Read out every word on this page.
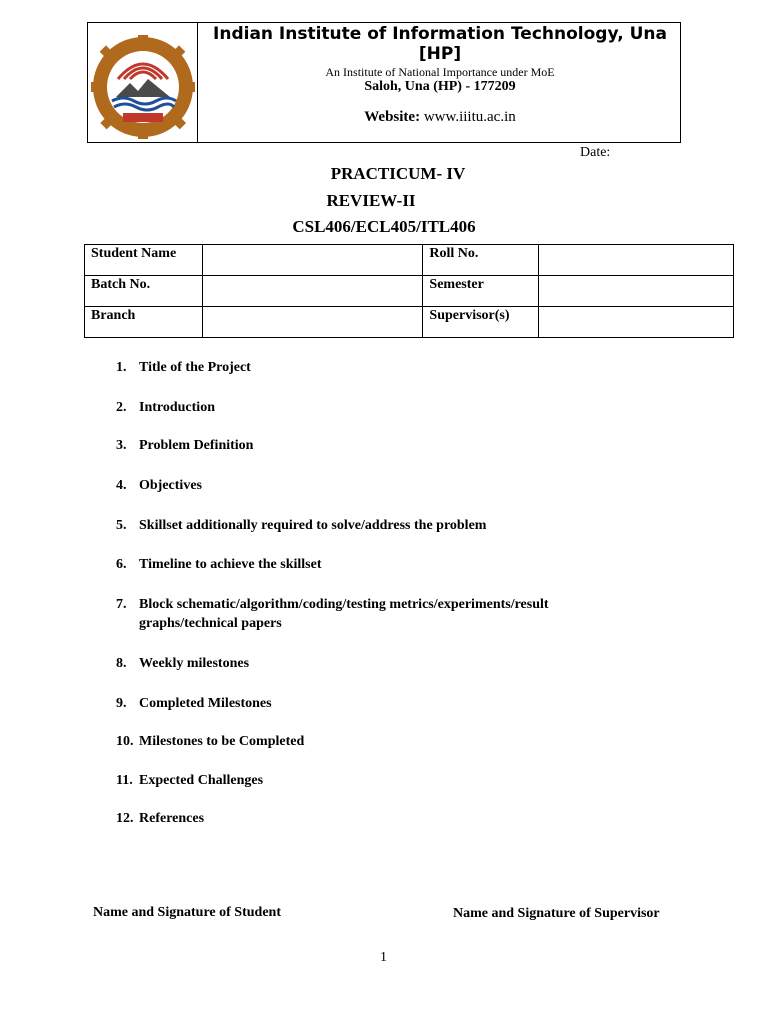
Indian Institute of Information Technology, Una [HP]
An Institute of National Importance under MoE
Saloh, Una (HP) - 177209
Website: www.iiitu.ac.in
Date:
PRACTICUM- IV
REVIEW-II
CSL406/ECL405/ITL406
Student Name		Roll No.	
Batch No.		Semester	
Branch		Supervisor(s)	
1. Title of the Project
2. Introduction
3. Problem Definition
4. Objectives
5. Skillset additionally required to solve/address the problem
6. Timeline to achieve the skillset
7. Block schematic/algorithm/coding/testing metrics/experiments/result graphs/technical papers
8. Weekly milestones
9. Completed Milestones
10. Milestones to be Completed
11. Expected Challenges
12. References
Name and Signature of Student	Name and Signature of Supervisor
1
